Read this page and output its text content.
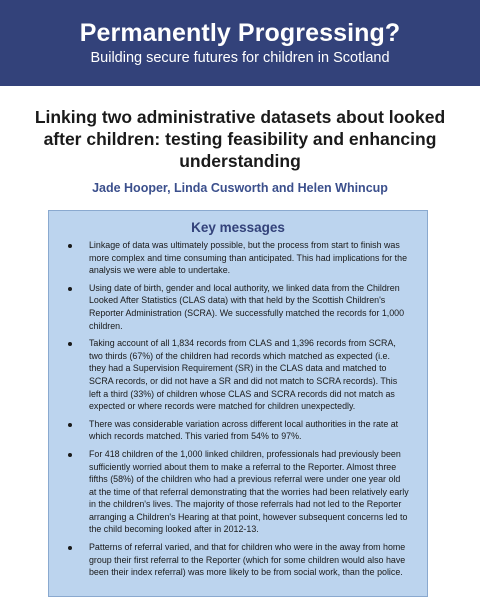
Permanently Progressing?
Building secure futures for children in Scotland
Linking two administrative datasets about looked after children: testing feasibility and enhancing understanding
Jade Hooper, Linda Cusworth and Helen Whincup
Key messages
Linkage of data was ultimately possible, but the process from start to finish was more complex and time consuming than anticipated. This had implications for the analysis we were able to undertake.
Using date of birth, gender and local authority, we linked data from the Children Looked After Statistics (CLAS data) with that held by the Scottish Children's Reporter Administration (SCRA). We successfully matched the records for 1,000 children.
Taking account of all 1,834 records from CLAS and 1,396 records from SCRA, two thirds (67%) of the children had records which matched as expected (i.e. they had a Supervision Requirement (SR) in the CLAS data and matched to SCRA records, or did not have a SR and did not match to SCRA records). This left a third (33%) of children whose CLAS and SCRA records did not match as expected or where records were matched for children unexpectedly.
There was considerable variation across different local authorities in the rate at which records matched. This varied from 54% to 97%.
For 418 children of the 1,000 linked children, professionals had previously been sufficiently worried about them to make a referral to the Reporter. Almost three fifths (58%) of the children who had a previous referral were under one year old at the time of that referral demonstrating that the worries had been relatively early in the children's lives. The majority of those referrals had not led to the Reporter arranging a Children's Hearing at that point, however subsequent concerns led to the child becoming looked after in 2012-13.
Patterns of referral varied, and that for children who were in the away from home group their first referral to the Reporter (which for some children would also have been their index referral) was more likely to be from social work, than the police.
